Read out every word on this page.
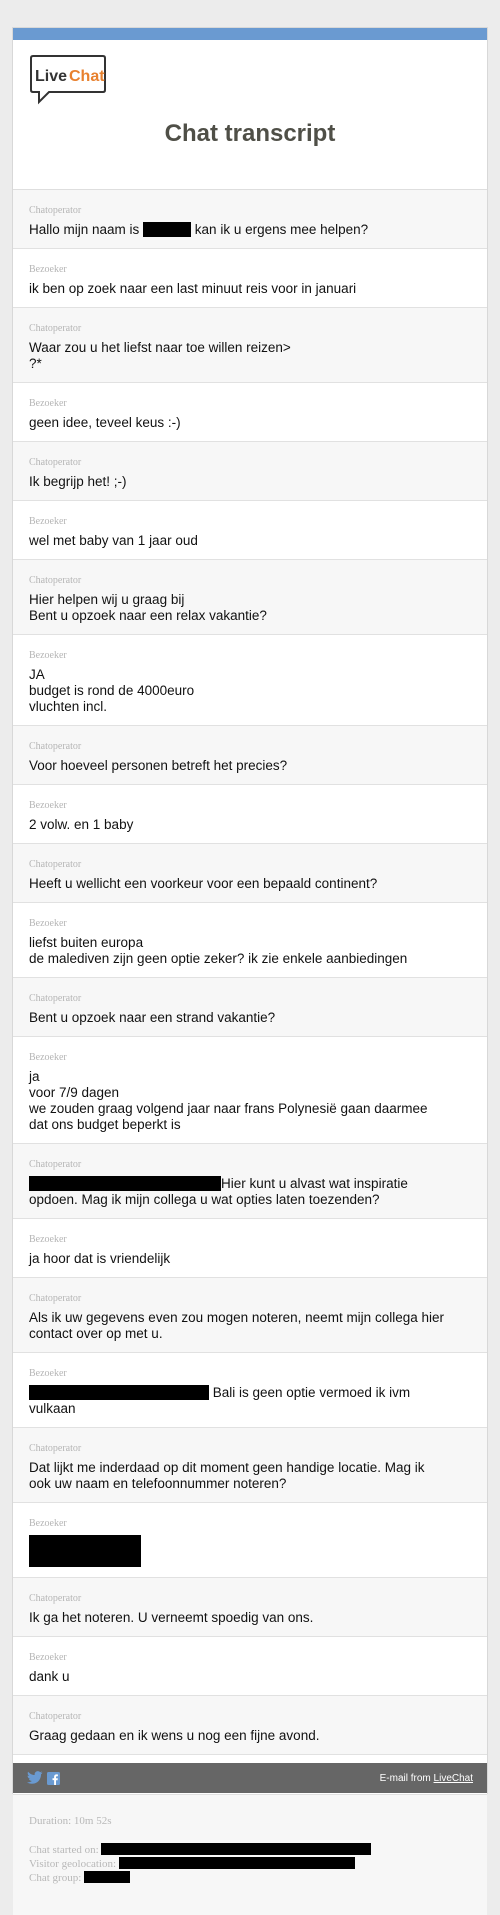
Live Chat
Chat transcript
Chatoperator
Hallo mijn naam is	kan ik u ergens mee helpen?
Bezoeker
ik ben op zoek naar een last minuut reis voor in januari
Chatoperator
Waar zou u het liefst naar toe willen reizen>
?*
Bezoeker
geen idee, teveel keus :-)
Chatoperator
Ik begrijp het! ;-)
Bezoeker
wel met baby van 1 jaar oud
Chatoperator
Hier helpen wij u graag bij
Bent u opzoek naar een relax vakantie?
Bezoeker
JA
budget is rond de 4000euro
vluchten incl.
Chatoperator
Voor hoeveel personen betreft het precies?
Bezoeker
2 volw. en 1 baby
Chatoperator
Heeft u wellicht een voorkeur voor een bepaald continent?
Bezoeker
liefst buiten europa
de malediven zijn geen optie zeker? ik zie enkele aanbiedingen
Chatoperator
Bent u opzoek naar een strand vakantie?
Bezoeker
ja
voor 7/9 dagen
we zouden graag volgend jaar naar frans Polynesië gaan daarmee
dat ons budget beperkt is
Chatoperator
Hier kunt u alvast wat inspiratie
opdoen. Mag ik mijn collega u wat opties laten toezenden?
Bezoeker
ja hoor dat is vriendelijk
Chatoperator
Als ik uw gegevens even zou mogen noteren, neemt mijn collega hier
contact over op met u.
Bezoeker
Bali is geen optie vermoed ik ivm
vulkaan
Chatoperator
Dat lijkt me inderdaad op dit moment geen handige locatie. Mag ik
ook uw naam en telefoonnummer noteren?
Bezoeker
Chatoperator
Ik ga het noteren. U verneemt spoedig van ons.
Bezoeker
dank u
Chatoperator
Graag gedaan en ik wens u nog een fijne avond.
Duration: 10m 52s
Chat started on:
Visitor geolocation:
Chat group:
E-mail from LiveChat
